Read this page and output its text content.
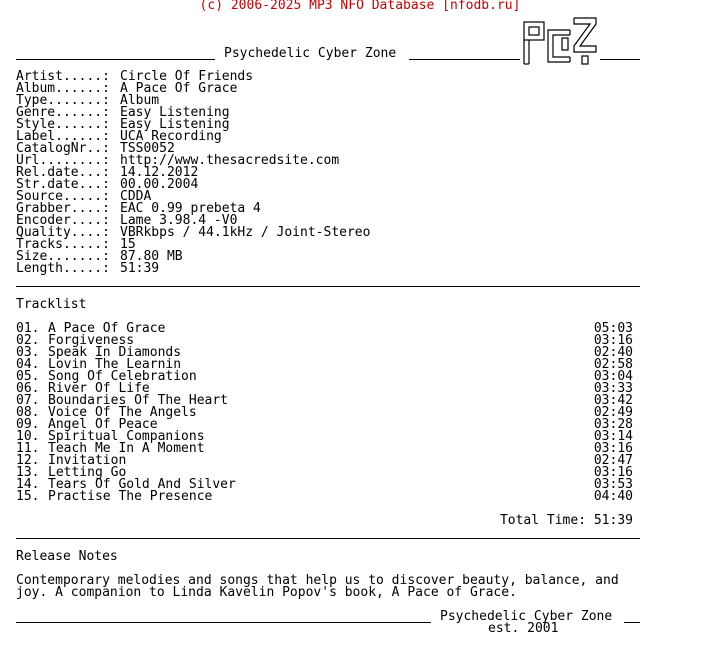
(c) 2006-2025 MP3 NFO Database [nfodb.ru]
Psychedelic Cyber Zone
Artist.....: Circle Of Friends
Album......: A Pace Of Grace
Type.......: Album
Genre......: Easy Listening
Style......: Easy Listening
Label......: UCA Recording
CatalogNr..: TSS0052
Url........: http://www.thesacredsite.com
Rel.date...: 14.12.2012
Str.date...: 00.00.2004
Source.....: CDDA
Grabber....: EAC 0.99 prebeta 4
Encoder....: Lame 3.98.4 -V0
Quality....: VBRkbps / 44.1kHz / Joint-Stereo
Tracks.....: 15
Size.......: 87.80 MB
Length.....: 51:39
Tracklist
01. A Pace Of Grace	05:03
02. Forgiveness	03:16
03. Speak In Diamonds	02:40
04. Lovin The Learnin	02:58
05. Song Of Celebration	03:04
06. River Of Life	03:33
07. Boundaries Of The Heart	03:42
08. Voice Of The Angels	02:49
09. Angel Of Peace	03:28
10. Spiritual Companions	03:14
11. Teach Me In A Moment	03:16
12. Invitation	02:47
13. Letting Go	03:16
14. Tears Of Gold And Silver	03:53
15. Practise The Presence	04:40
Total Time: 51:39
Release Notes
Contemporary melodies and songs that help us to discover beauty, balance, and
joy. A companion to Linda Kavelin Popov's book, A Pace of Grace.
Psychedelic Cyber Zone
est. 2001
